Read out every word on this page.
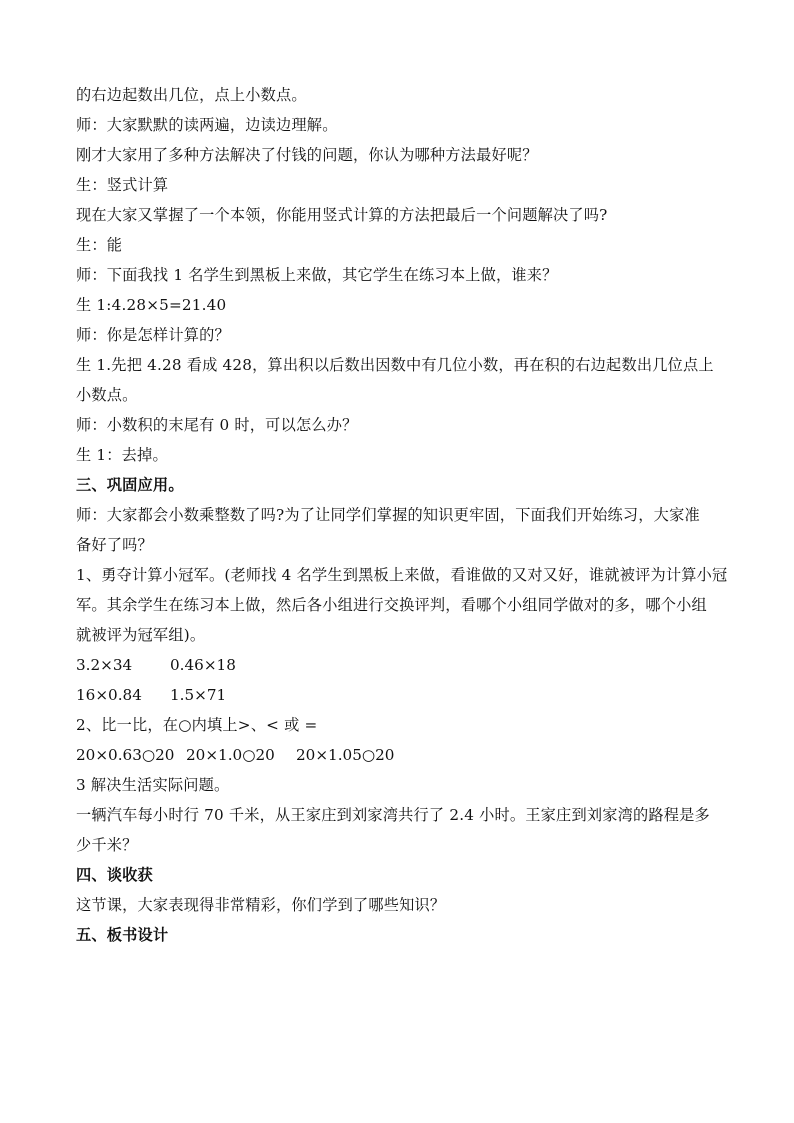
的右边起数出几位，点上小数点。
师：大家默默的读两遍，边读边理解。
刚才大家用了多种方法解决了付钱的问题，你认为哪种方法最好呢？
生：竖式计算
现在大家又掌握了一个本领，你能用竖式计算的方法把最后一个问题解决了吗?
生：能
师：下面我找 1 名学生到黑板上来做，其它学生在练习本上做，谁来？
生 1:4.28×5=21.40
师：你是怎样计算的？
生 1.先把 4.28 看成 428，算出积以后数出因数中有几位小数，再在积的右边起数出几位点上
小数点。
师：小数积的末尾有 0 时，可以怎么办？
生 1：去掉。
三、巩固应用。
师：大家都会小数乘整数了吗?为了让同学们掌握的知识更牢固，下面我们开始练习，大家准
备好了吗？
1、勇夺计算小冠军。(老师找 4 名学生到黑板上来做，看谁做的又对又好，谁就被评为计算小冠
军。其余学生在练习本上做，然后各小组进行交换评判，看哪个小组同学做对的多，哪个小组
就被评为冠军组)。
3.2×34	0.46×18
16×0.84	1.5×71
2、比一比，在○内填上>、< 或 =
20×0.63○20 20×1.0○20	20×1.05○20
3 解决生活实际问题。
一辆汽车每小时行 70 千米，从王家庄到刘家湾共行了 2.4 小时。王家庄到刘家湾的路程是多
少千米？
四、谈收获
这节课，大家表现得非常精彩，你们学到了哪些知识？
五、板书设计
